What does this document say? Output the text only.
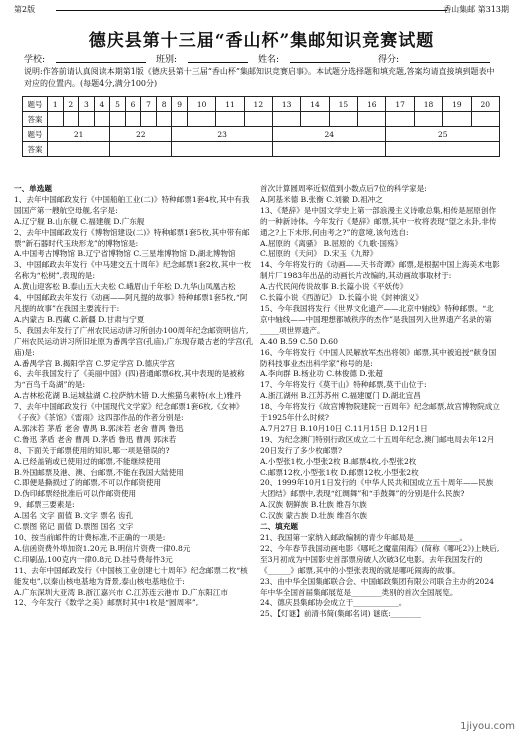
第2版	香山集邮 第313期
德庆县第十三届“香山杯”集邮知识竞赛试题
学校:	班别:	姓名:	得分:
说明:作答前请认真阅读本期第1版《德庆县第十三届“香山杯”集邮知识竞赛启事》。本试题分选择题和填充题,答案均请直接填到题表中对应的位置内。(每题4分,满分100分)
题号	1	2	3	4	5	6	7	8	9	10	11	12	13	14	15	16	17	18	19	20
答案																				
题号	21				22				23				24				25			
答案																				

一、单选题

1、去年中国邮政发行《中国船舶工业(二)》特种邮票1套4枚,其中有我国国产第一艘航空母舰,名字是:

A.辽宁舰 B.山东舰 C.福建舰 D.广东舰

2、去年中国邮政发行《博物馆建设(二)》特种邮票1套5枚,其中带有邮票“新石器时代玉玦形龙”的博物馆是:

A.中国考古博物馆 B.辽宁省博物馆 C.三星堆博物馆 D.湖北博物馆

3、中国邮政去年发行《中马建交五十周年》纪念邮票1套2枚,其中一枚名称为“松树”,表现的是:

A.黄山迎客松 B.泰山五大夫松 C.峨眉山千年松 D.九华山凤凰古松

4、中国邮政去年发行《动画——阿凡提的故事》特种邮票1套5枚,“阿凡提的故事”在我国主要流行于:

A.内蒙古 B.西藏 C.新疆 D.甘肃与宁夏

5、我国去年发行了广州农民运动讲习所创办100周年纪念邮资明信片,广州农民运动讲习所旧址原为番禺学宫(孔庙),广东现存最古老的学宫(孔庙)是:

A.番禺学宫 B.揭阳学宫 C.罗定学宫 D.德庆学宫

6、去年我国发行了《美丽中国》(四)普通邮票6枚,其中表现的是被称为“百鸟千岛湖”的是:

A.吉林松花湖 B.运城盐湖 C.拉萨纳木错 D.大熊猫乌素特(水上)雅丹

7、去年中国邮政发行《中国现代文学家》纪念邮票1套6枚,《女神》《子夜》《茶馆》《雷雨》这四部作品的作者分别是:

A.郭沫若 茅盾 老舍 曹禺 B.郭沫若 老舍 曹禺 鲁迅

C.鲁迅 茅盾 老舍 曹禺 D.茅盾 鲁迅 曹禺 郭沫若

8、下面关于邮票使用的知识,哪一项是错误的?

A.已经盖销或已使用过的邮票,不能继续使用

B.外国邮票及港、澳、台邮票,不能在我国大陆使用

C.即便是撕损过了的邮票,不可以作邮资使用

D.伪印邮票经批准后可以作邮资使用

9、邮票三要素是:

A.国名 文字 面值 B.文字 票名 齿孔

C.票图 铭记 面值 D.票图 国名 文字

10、按当前邮件的计费标准,不正确的一项是:

A.信函资费外埠加资1.20元 B.明信片资费一律0.8元

C.印刷品,100克内一律0.8元 D.挂号费每件3元

11、去年中国邮政发行《中国核工业创建七十周年》纪念邮票二枚“核能发电”,以秦山核电基地为背景,泰山核电基地位于:

A.广东深圳大亚湾 B.浙江嘉兴市 C.江苏连云港市 D.广东阳江市

12、今年发行《数学之美》邮票时其中1枚是“圆周率”,

首次计算圆周率近似值到小数点后7位的科学家是:

A.阿基米德 B.张衡 C.刘徽 D.祖冲之

13、《楚辞》是中国文学史上第一部浪漫主义诗歌总集,相传是屈原创作的一种新诗体。今年发行《楚辞》邮票,其中一枚将表现“望之永卦,非传通之?上下未形,何由考之?”的意境,该句选自:

A.屈原的《离骚》 B.屈原的《九歌·国殇》

C.屈原的《天问》 D.宋玉《九辩》

14、今年将发行的《动画——天书奇谭》邮票,是根据中国上海美术电影制片厂1983年出品的动画长片改编的,其动画故事取材于:

A.古代民间传说故事 B.长篇小说《平妖传》

C.长篇小说《西游记》 D.长篇小说《封神演义》

15、今年我国将发行《世界文化遗产——北京中轴线》特种邮票。“北京中轴线——中国理想都城秩序的杰作”是我国列入世界遗产名录的第_____项世界遗产。

A.40 B.59 C.50 D.60

16、今年将发行《中国人民解放军杰出将领》邮票,其中被追授“献身国防科技事业杰出科学家”称号的是:

A.李向群 B.杨业功 C.林俊德 D.张超

17、今年将发行《莫干山》特种邮票,莫干山位于:

A.浙江湖州 B.江苏苏州 C.福建厦门 D.湖北宜昌

18、今年将发行《故宫博物院建院一百周年》纪念邮票,故宫博物院成立于1925年什么时候?

A.7月27日 B.10月10日 C.11月15日 D.12月1日

19、为纪念澳门特别行政区成立二十五周年纪念,澳门邮电局去年12月20日发行了多少枚邮票?

A.小型张1枚,小型张2枚 B.邮票4枚,小型张2枚

C.邮票12枚,小型张1枚 D.邮票12枚,小型张2枚

20、1999年10月1日发行的《中华人民共和国成立五十周年——民族大团结》邮票中,表现“红绸舞”和“手鼓舞”的分别是什么民族?

A.汉族 朝鲜族 B.壮族 维吾尔族

C.汉族 蒙古族 D.壮族 维吾尔族

二、填充题

21、我国第一家纳入邮政编制的青少年邮局是____________。

22、今年春节我国动画电影《哪吒之魔童闹海》(简称《哪吒2》)上映后,至3月初成为中国影史首部票房破人次破3亿电影。去年我国发行的《______》邮票,其中的小型张表现的就是哪吒闹海的故事。

23、由中华全国集邮联合会、中国邮政集团有限公司联合主办的2024年中华全国首届集邮展览是________类别的首次全国展览。

24、德庆县集邮协会成立于____________。

25、【灯谜】前清书简(集邮名词) 谜底:________

1jiyou.com
